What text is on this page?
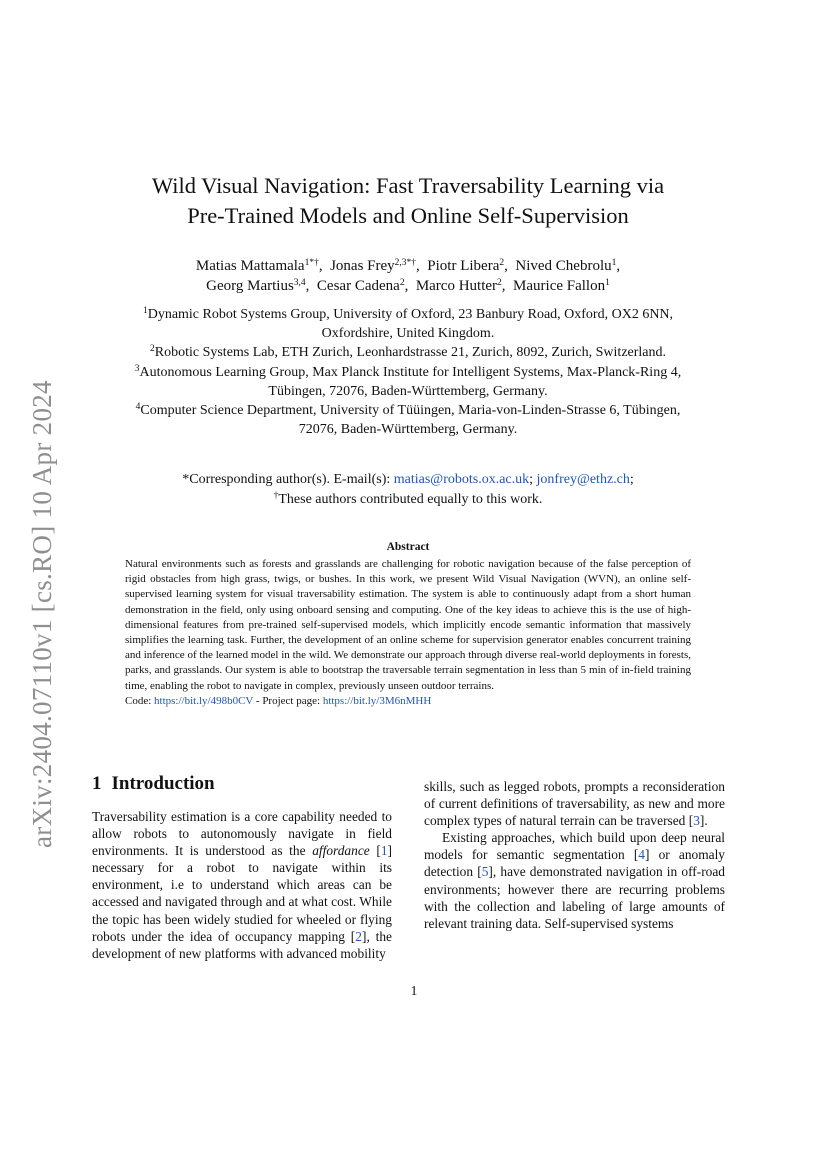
arXiv:2404.07110v1 [cs.RO] 10 Apr 2024
Wild Visual Navigation: Fast Traversability Learning via
Pre-Trained Models and Online Self-Supervision
Matias Mattamala$^{1*\dagger}$,  Jonas Frey$^{2,3*\dagger}$,  Piotr Libera$^2$,  Nived Chebrolu$^1$,
Georg Martius$^{3,4}$,  Cesar Cadena$^2$,  Marco Hutter$^2$,  Maurice Fallon$^1$
$^1$Dynamic Robot Systems Group, University of Oxford, 23 Banbury Road, Oxford, OX2 6NN,
Oxfordshire, United Kingdom.
$^2$Robotic Systems Lab, ETH Zurich, Leonhardstrasse 21, Zurich, 8092, Zurich, Switzerland.
$^3$Autonomous Learning Group, Max Planck Institute for Intelligent Systems, Max-Planck-Ring 4,
Tübingen, 72076, Baden-Württemberg, Germany.
$^4$Computer Science Department, University of Tüüingen, Maria-von-Linden-Strasse 6, Tübingen,
72076, Baden-Württemberg, Germany.
*Corresponding author(s). E-mail(s): matias@robots.ox.ac.uk; jonfrey@ethz.ch;
†These authors contributed equally to this work.
Abstract

Natural environments such as forests and grasslands are challenging for robotic navigation because of the false perception of rigid obstacles from high grass, twigs, or bushes. In this work, we present Wild Visual Navigation (WVN), an online self-supervised learning system for visual traversability estimation. The system is able to continuously adapt from a short human demonstration in the field, only using onboard sensing and computing. One of the key ideas to achieve this is the use of high-dimensional features from pre-trained self-supervised models, which implicitly encode semantic information that massively simplifies the learning task. Further, the development of an online scheme for supervision generator enables concurrent training and inference of the learned model in the wild. We demonstrate our approach through diverse real-world deployments in forests, parks, and grasslands. Our system is able to bootstrap the traversable terrain segmentation in less than 5 min of in-field training time, enabling the robot to navigate in complex, previously unseen outdoor terrains.

Code: https://bit.ly/498b0CV - Project page: https://bit.ly/3M6nMHH

1 Introduction

Traversability estimation is a core capability needed to allow robots to autonomously navigate in field environments. It is understood as the affordance [1] necessary for a robot to navigate within its environment, i.e to understand which areas can be accessed and navigated through and at what cost. While the topic has been widely studied for wheeled or flying robots under the idea of occupancy mapping [2], the development of new platforms with advanced mobility

skills, such as legged robots, prompts a reconsideration of current definitions of traversability, as new and more complex types of natural terrain can be traversed [3].

Existing approaches, which build upon deep neural models for semantic segmentation [4] or anomaly detection [5], have demonstrated navigation in off-road environments; however there are recurring problems with the collection and labeling of large amounts of relevant training data. Self-supervised systems

1
